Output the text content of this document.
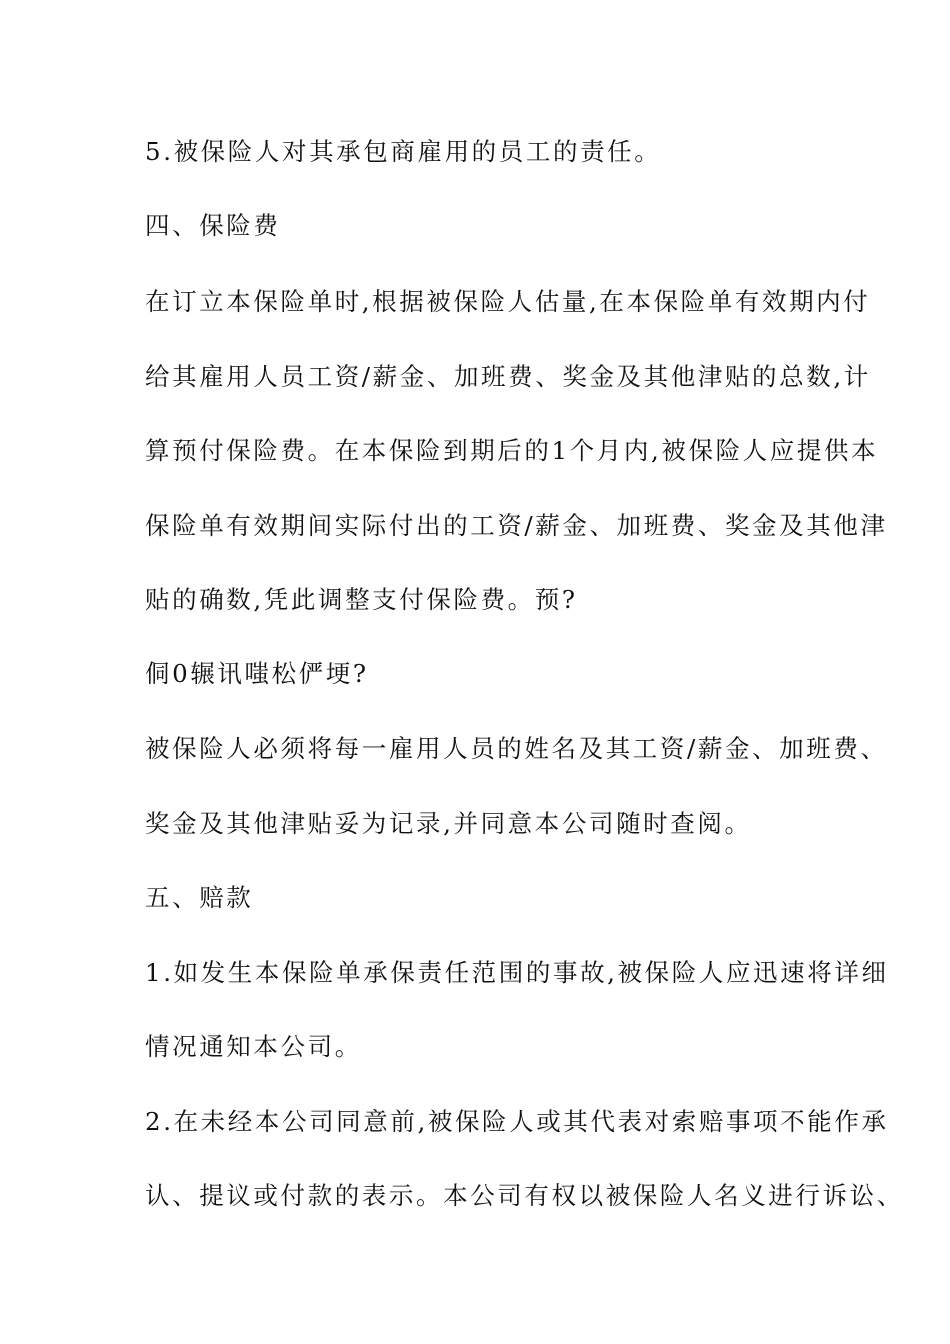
5.被保险人对其承包商雇用的员工的责任。
四、保险费
在订立本保险单时,根据被保险人估量,在本保险单有效期内付
给其雇用人员工资/薪金、加班费、奖金及其他津贴的总数,计
算预付保险费。在本保险到期后的1个月内,被保险人应提供本
保险单有效期间实际付出的工资/薪金、加班费、奖金及其他津
贴的确数,凭此调整支付保险费。预?
侗0辗讯嗤松俨埂?
被保险人必须将每一雇用人员的姓名及其工资/薪金、加班费、
奖金及其他津贴妥为记录,并同意本公司随时查阅。
五、赔款
1.如发生本保险单承保责任范围的事故,被保险人应迅速将详细
情况通知本公司。
2.在未经本公司同意前,被保险人或其代表对索赔事项不能作承
认、提议或付款的表示。本公司有权以被保险人名义进行诉讼、
